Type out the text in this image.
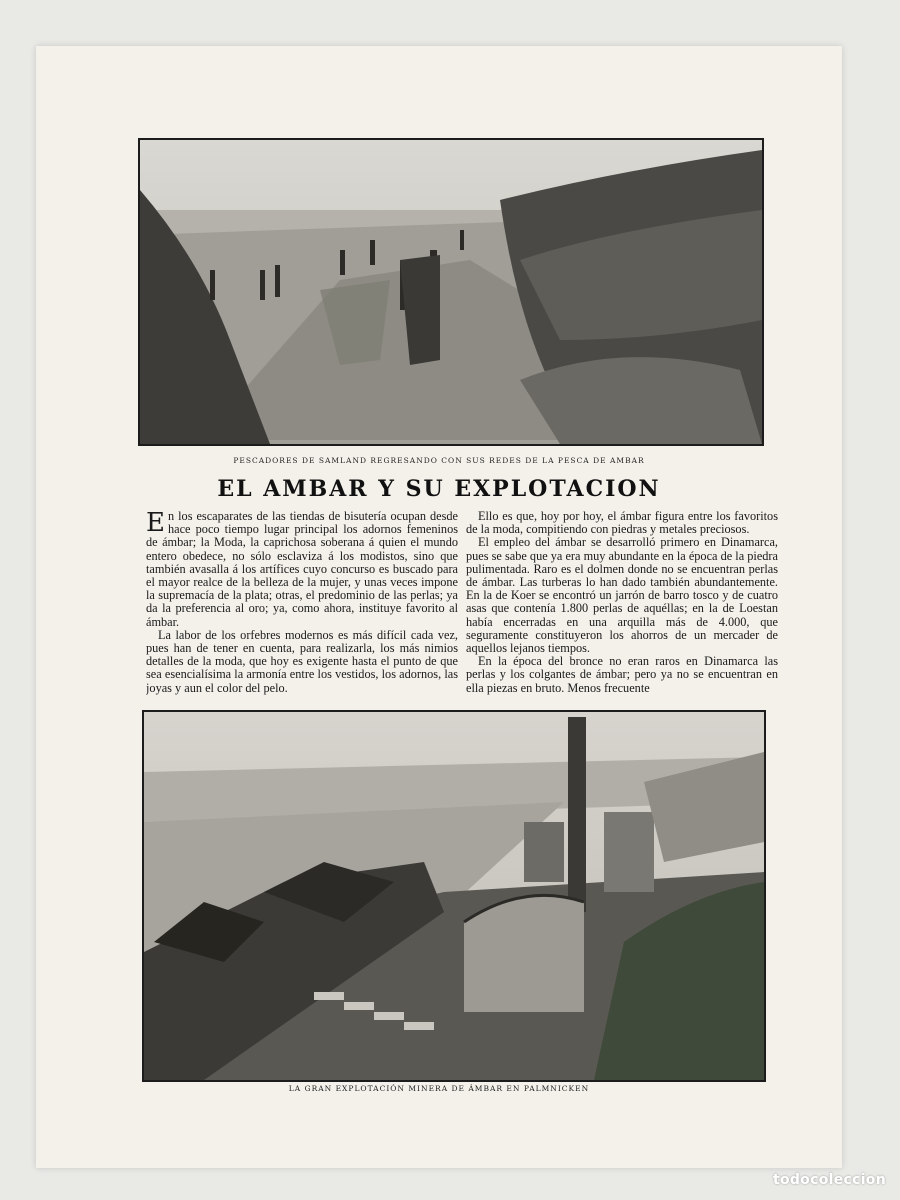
PESCADORES DE SAMLAND REGRESANDO CON SUS REDES DE LA PESCA DE AMBAR
EL AMBAR Y SU EXPLOTACION

En los escaparates de las tiendas de bisutería ocupan desde hace poco tiempo lugar principal los adornos femeninos de ámbar; la Moda, la caprichosa soberana á quien el mundo entero obedece, no sólo esclaviza á los modistos, sino que también avasalla á los artífices cuyo concurso es buscado para el mayor realce de la belleza de la mujer, y unas veces impone la supremacía de la plata; otras, el predominio de las perlas; ya da la preferencia al oro; ya, como ahora, instituye favorito al ámbar.

La labor de los orfebres modernos es más difícil cada vez, pues han de tener en cuenta, para realizarla, los más nimios detalles de la moda, que hoy es exigente hasta el punto de que sea esencialísima la armonía entre los vestidos, los adornos, las joyas y aun el color del pelo.

Ello es que, hoy por hoy, el ámbar figura entre los favoritos de la moda, compitiendo con piedras y metales preciosos.

El empleo del ámbar se desarrolló primero en Dinamarca, pues se sabe que ya era muy abundante en la época de la piedra pulimentada. Raro es el dolmen donde no se encuentran perlas de ámbar. Las turberas lo han dado también abundantemente. En la de Koer se encontró un jarrón de barro tosco y de cuatro asas que contenía 1.800 perlas de aquéllas; en la de Loestan había encerradas en una arquilla más de 4.000, que seguramente constituyeron los ahorros de un mercader de aquellos lejanos tiempos.

En la época del bronce no eran raros en Dinamarca las perlas y los colgantes de ámbar; pero ya no se encuentran en ella piezas en bruto. Menos frecuente

LA GRAN EXPLOTACIÓN MINERA DE ÁMBAR EN PALMNICKEN
todocoleccion
